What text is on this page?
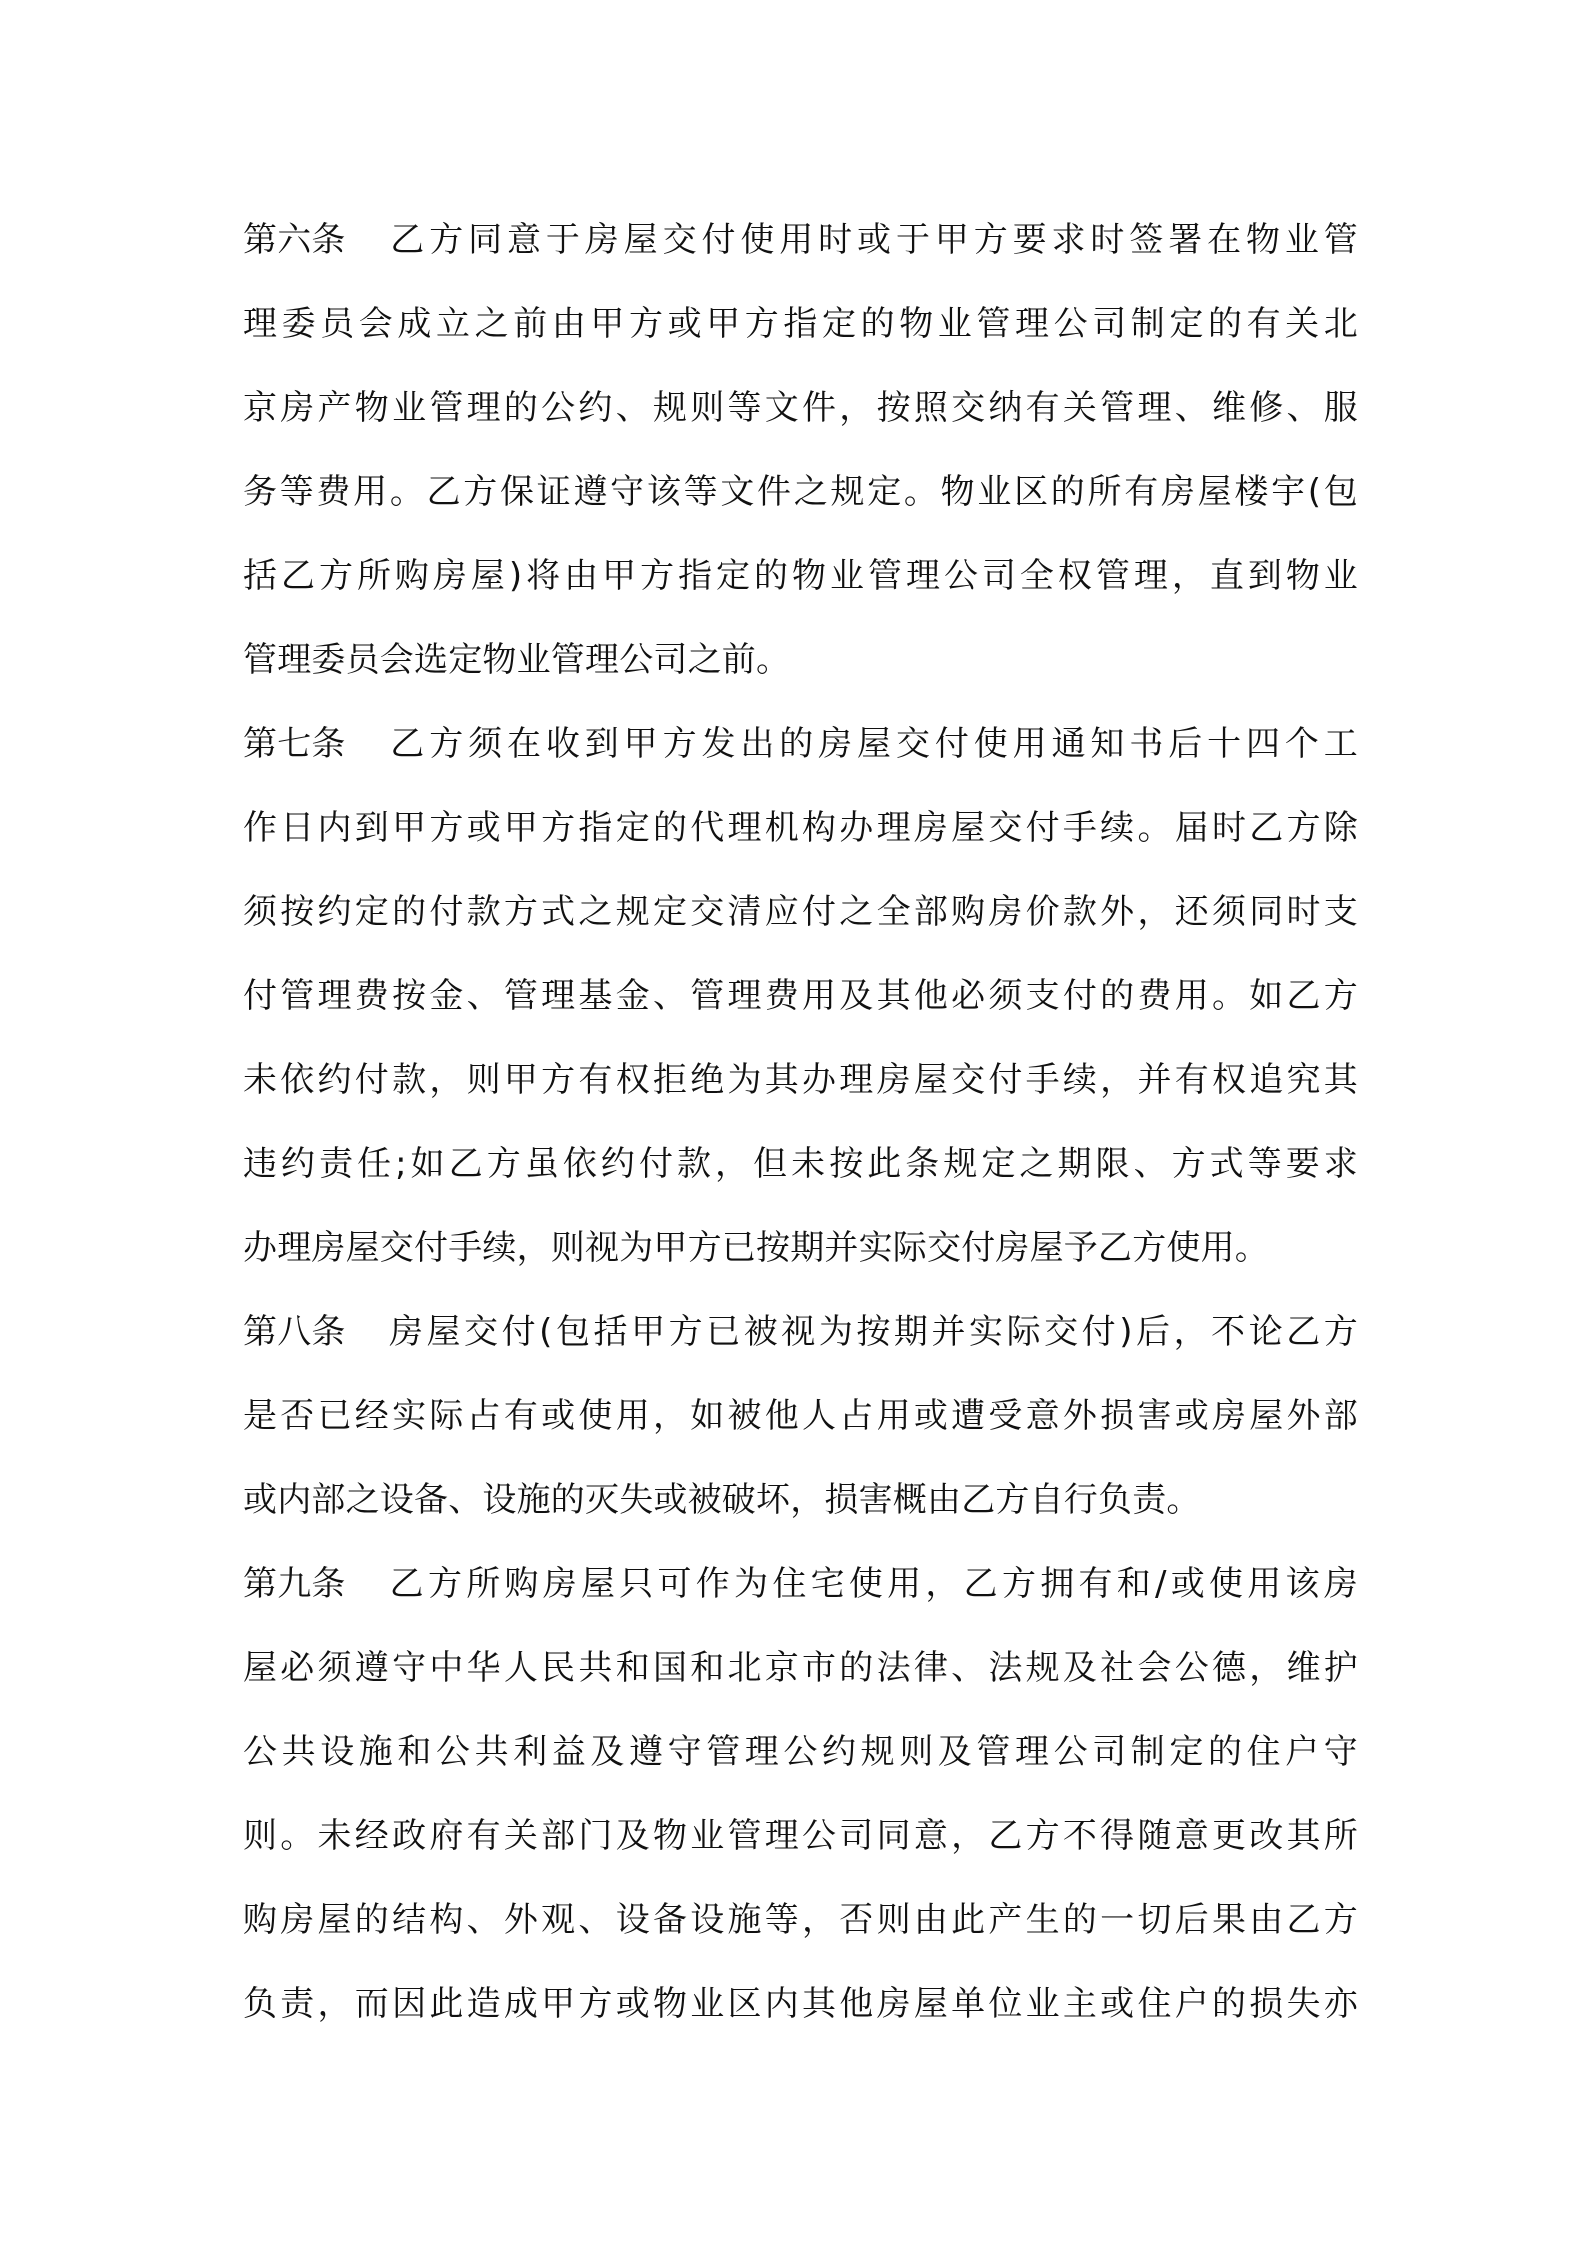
第六条 乙方同意于房屋交付使用时或于甲方要求时签署在物业管
理委员会成立之前由甲方或甲方指定的物业管理公司制定的有关北
京房产物业管理的公约、规则等文件，按照交纳有关管理、维修、服
务等费用。乙方保证遵守该等文件之规定。物业区的所有房屋楼宇(包
括乙方所购房屋)将由甲方指定的物业管理公司全权管理，直到物业
管理委员会选定物业管理公司之前。
第七条 乙方须在收到甲方发出的房屋交付使用通知书后十四个工
作日内到甲方或甲方指定的代理机构办理房屋交付手续。届时乙方除
须按约定的付款方式之规定交清应付之全部购房价款外，还须同时支
付管理费按金、管理基金、管理费用及其他必须支付的费用。如乙方
未依约付款，则甲方有权拒绝为其办理房屋交付手续，并有权追究其
违约责任;如乙方虽依约付款，但未按此条规定之期限、方式等要求
办理房屋交付手续，则视为甲方已按期并实际交付房屋予乙方使用。
第八条 房屋交付(包括甲方已被视为按期并实际交付)后，不论乙方
是否已经实际占有或使用，如被他人占用或遭受意外损害或房屋外部
或内部之设备、设施的灭失或被破坏，损害概由乙方自行负责。
第九条 乙方所购房屋只可作为住宅使用，乙方拥有和/或使用该房
屋必须遵守中华人民共和国和北京市的法律、法规及社会公德，维护
公共设施和公共利益及遵守管理公约规则及管理公司制定的住户守
则。未经政府有关部门及物业管理公司同意，乙方不得随意更改其所
购房屋的结构、外观、设备设施等，否则由此产生的一切后果由乙方
负责，而因此造成甲方或物业区内其他房屋单位业主或住户的损失亦
